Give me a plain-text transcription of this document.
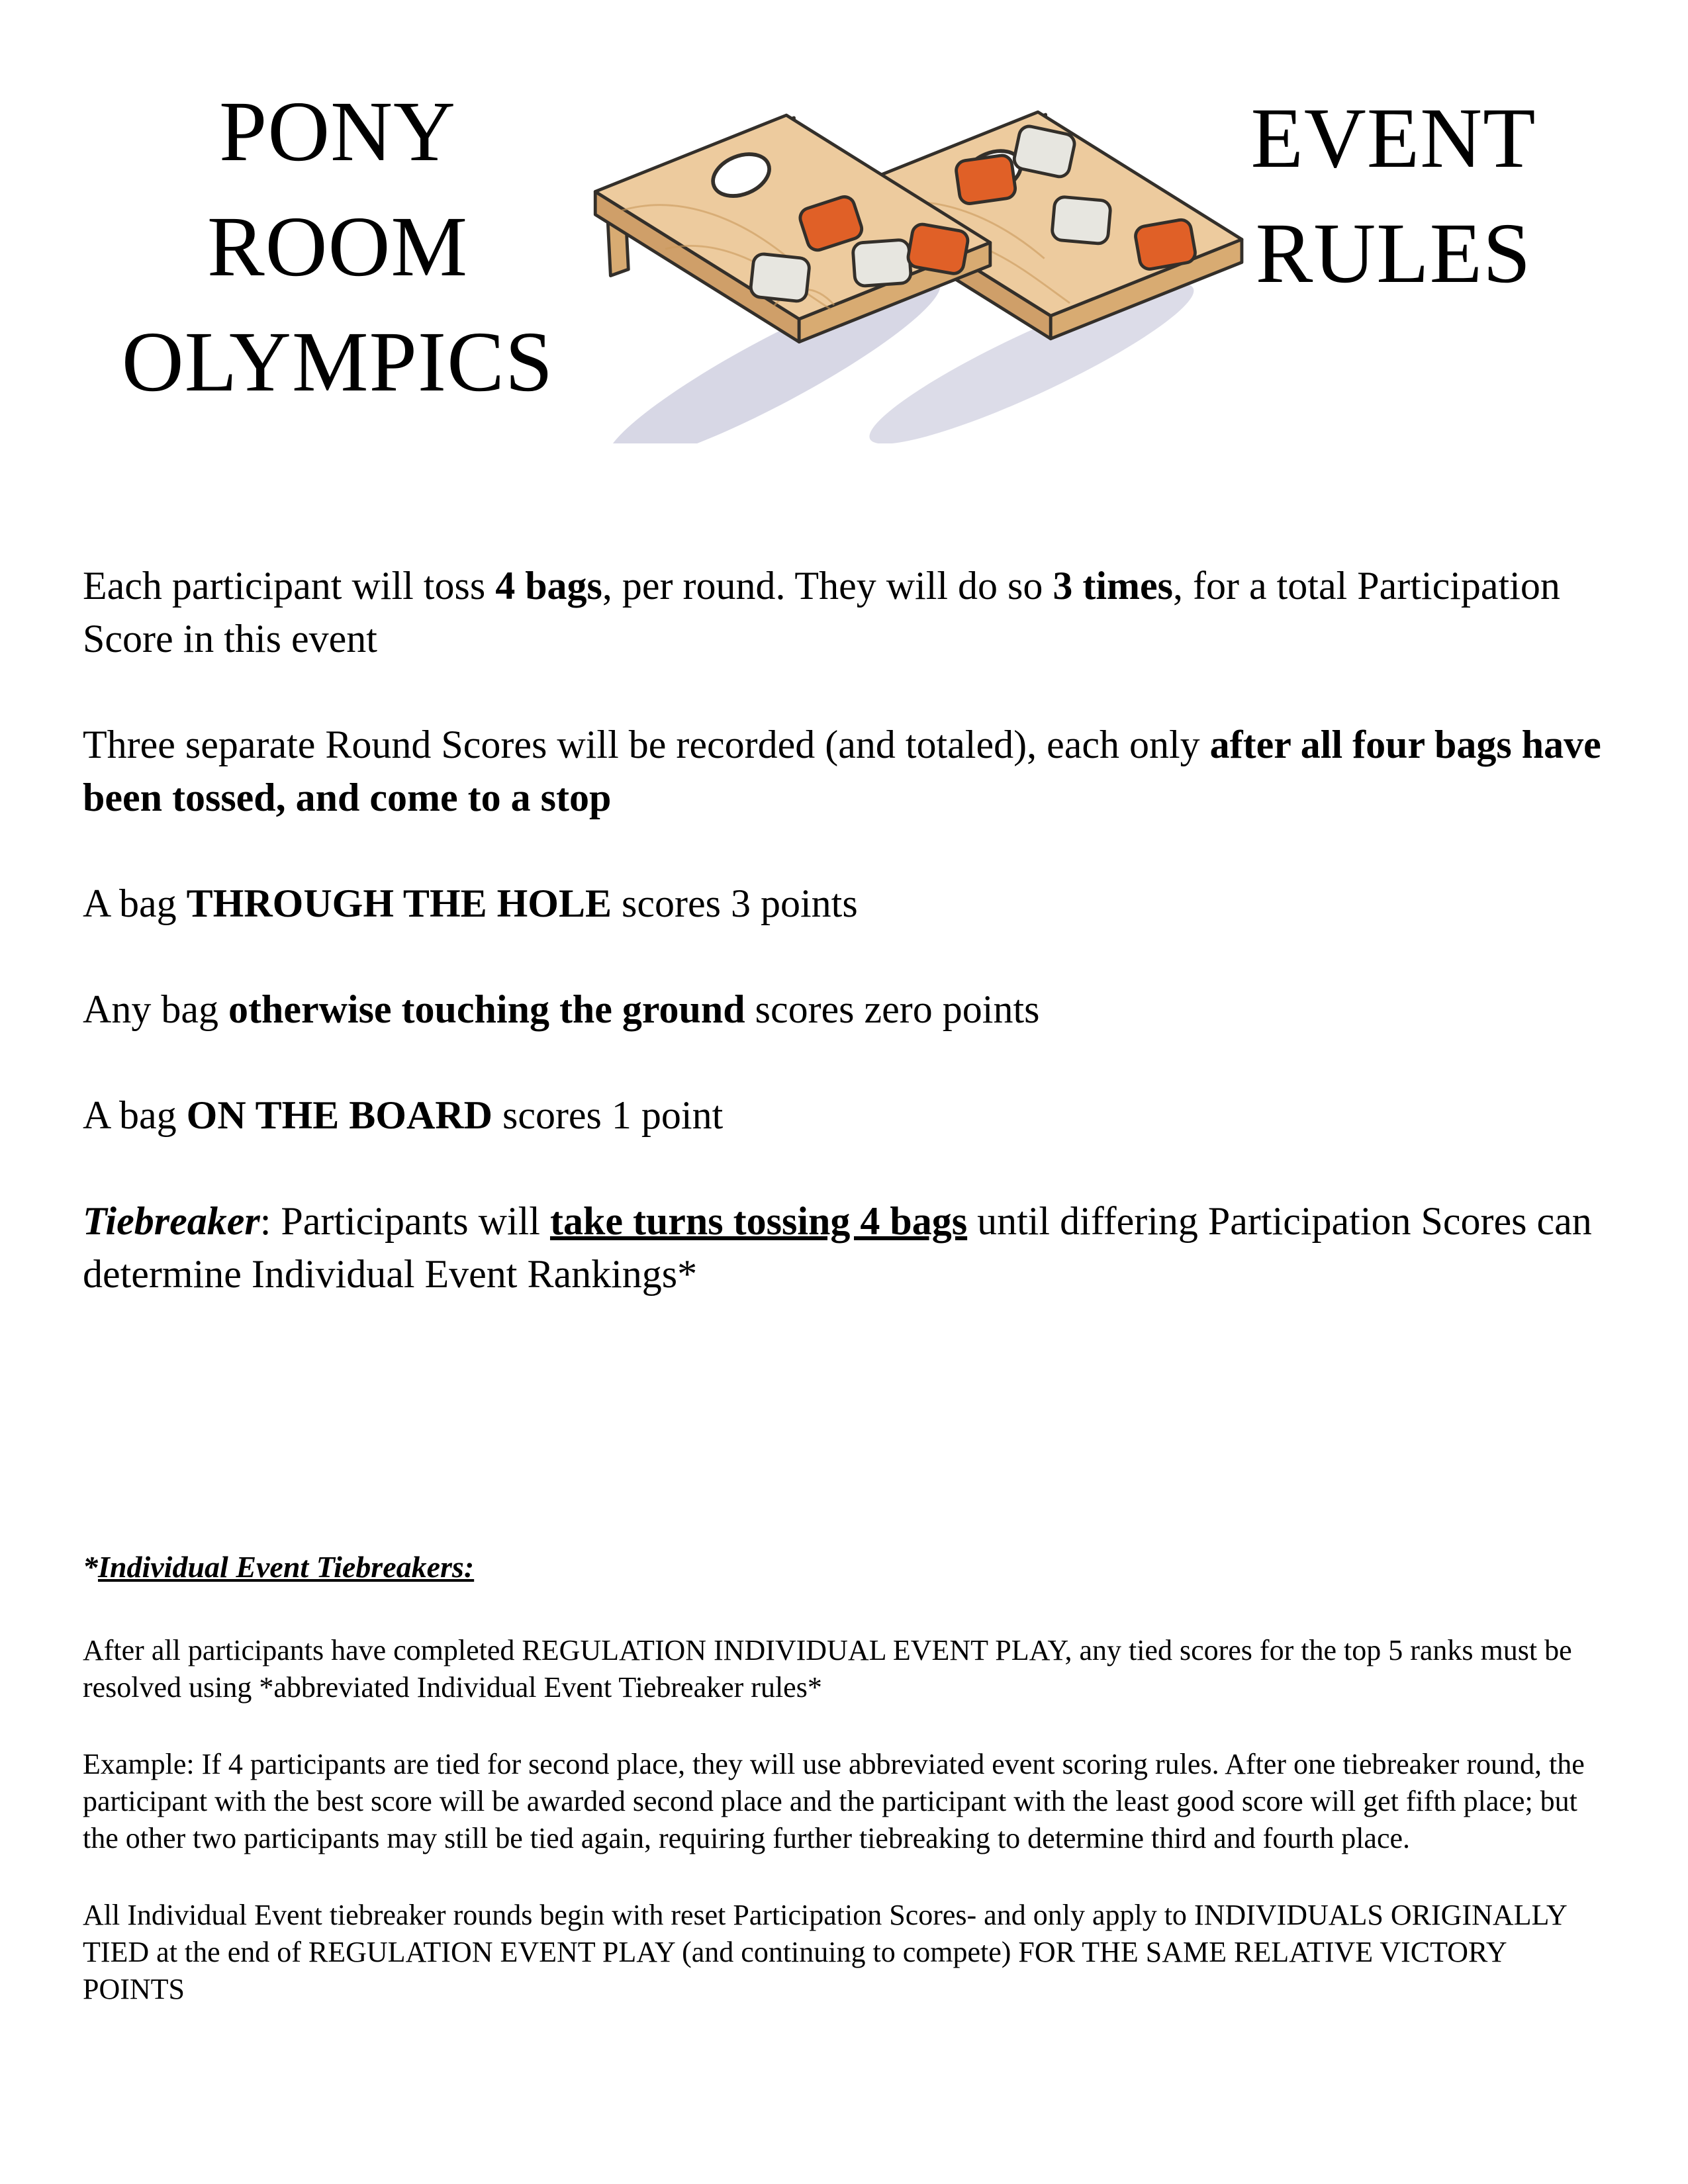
PONY
ROOM
OLYMPICS
EVENT
RULES

Each participant will toss 4 bags, per round. They will do so 3 times, for a total Participation Score in this event

Three separate Round Scores will be recorded (and totaled), each only after all four bags have been tossed, and come to a stop

A bag THROUGH THE HOLE scores 3 points

Any bag otherwise touching the ground scores zero points

A bag ON THE BOARD scores 1 point

Tiebreaker: Participants will take turns tossing 4 bags until differing Participation Scores can determine Individual Event Rankings*

*Individual Event Tiebreakers:

After all participants have completed REGULATION INDIVIDUAL EVENT PLAY, any tied scores for the top 5 ranks must be resolved using *abbreviated Individual Event Tiebreaker rules*

Example: If 4 participants are tied for second place, they will use abbreviated event scoring rules. After one tiebreaker round, the participant with the best score will be awarded second place and the participant with the least good score will get fifth place; but the other two participants may still be tied again, requiring further tiebreaking to determine third and fourth place.

All Individual Event tiebreaker rounds begin with reset Participation Scores- and only apply to INDIVIDUALS ORIGINALLY TIED at the end of REGULATION EVENT PLAY (and continuing to compete) FOR THE SAME RELATIVE VICTORY POINTS
